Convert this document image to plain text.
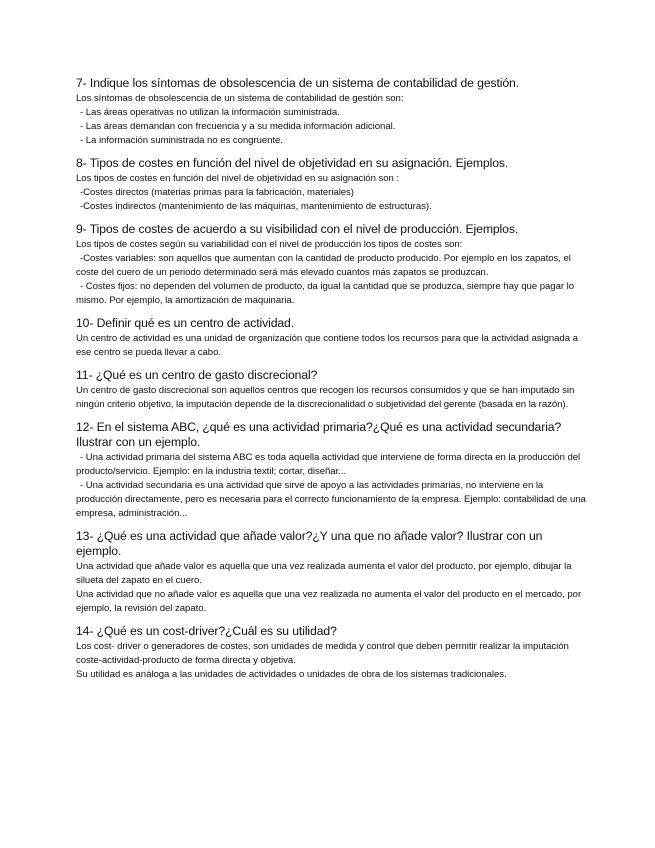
7- Indique los síntomas de obsolescencia de un sistema de contabilidad de gestión.

Los síntomas de obsolescencia de un sistema de contabilidad de gestión son:

- Las áreas operativas no utilizan la información suministrada.

- Las áreas demandan con frecuencia y a su medida información adicional.

- La información suministrada no es congruente.

8- Tipos de costes en función del nivel de objetividad en su asignación. Ejemplos.

Los tipos de costes en función del nivel de objetividad en su asignación son :

-Costes directos (materias primas para la fabricación, materiales)

-Costes indirectos (mantenimiento de las máquinas, mantenimiento de estructuras).

9- Tipos de costes de acuerdo a su visibilidad con el nivel de producción. Ejemplos.

Los tipos de costes según su variabilidad con el nivel de producción los tipos de costes son:

-Costes variables: son aquellos que aumentan con la cantidad de producto producido. Por ejemplo en los zapatos, el coste del cuero de un periodo determinado será más elevado cuantos más zapatos se produzcan.

- Costes fijos: no dependen del volumen de producto, da igual la cantidad que se produzca, siempre hay que pagar lo mismo. Por ejemplo, la amortización de maquinaria.

10- Definir qué es un centro de actividad.

Un centro de actividad es una unidad de organización que contiene todos los recursos para que la actividad asignada a ese centro se pueda llevar a cabo.

11- ¿Qué es un centro de gasto discrecional?

Un centro de gasto discrecional son aquellos centros que recogen los recursos consumidos y que se han imputado sin ningún criterio objetivo, la imputación depende de la discrecionalidad o subjetividad del gerente (basada en la razón).

12- En el sistema ABC, ¿qué es una actividad primaria?¿Qué es una actividad secundaria? Ilustrar con un ejemplo.

- Una actividad primaria del sistema ABC es toda aquella actividad que interviene de forma directa en la producción del producto/servicio. Ejemplo: en la industria textil; cortar, diseñar...

- Una actividad secundaria es una actividad que sirve de apoyo a las actividades primarias, no interviene en la producción directamente, pero es necesaria para el correcto funcionamiento de la empresa. Ejemplo: contabilidad de una empresa, administración...

13- ¿Qué es una actividad que añade valor?¿Y una que no añade valor? Ilustrar con un ejemplo.

Una actividad que añade valor es aquella que una vez realizada aumenta el valor del producto, por ejemplo, dibujar la silueta del zapato en el cuero.

Una actividad que no añade valor es aquella que una vez realizada no aumenta el valor del producto en el mercado, por ejemplo, la revisión del zapato.

14- ¿Qué es un cost-driver?¿Cuál es su utilidad?

Los cost- driver o generadores de costes, son unidades de medida y control que deben permitir realizar la imputación coste-actividad-producto de forma directa y objetiva.

Su utilidad es análoga a las unidades de actividades o unidades de obra de los sistemas tradicionales.
